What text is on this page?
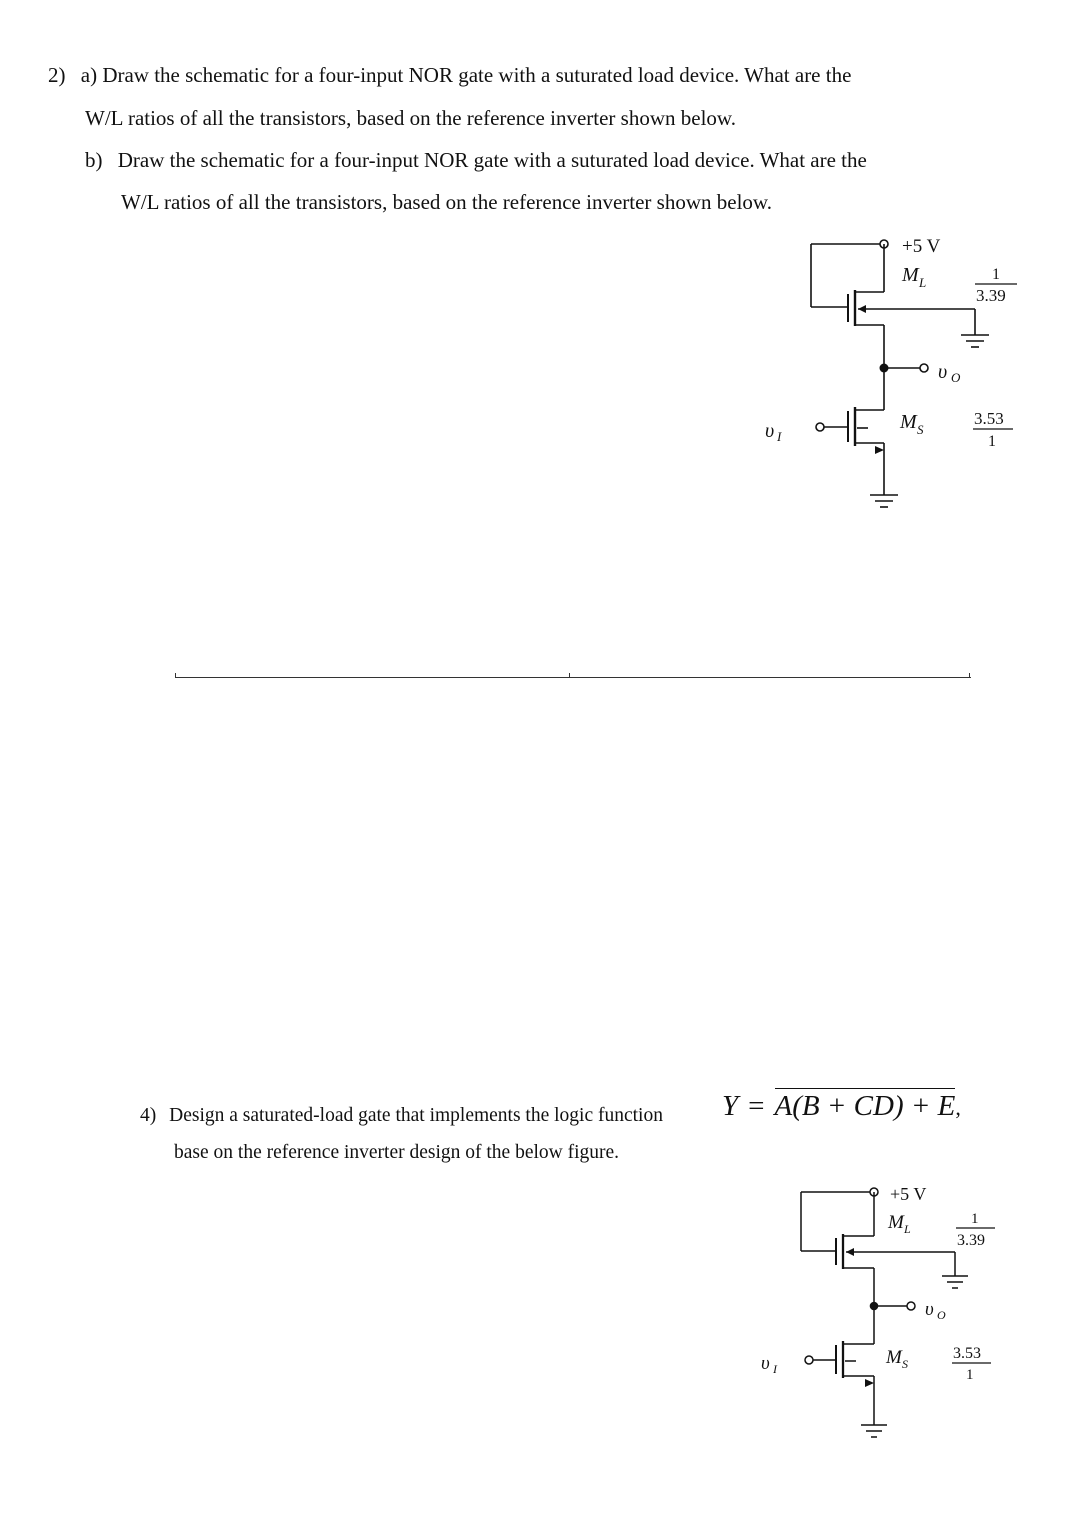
2) a) Draw the schematic for a four-input NOR gate with a suturated load device. What are the
W/L ratios of all the transistors, based on the reference inverter shown below.
b) Draw the schematic for a four-input NOR gate with a suturated load device. What are the
W/L ratios of all the transistors, based on the reference inverter shown below.
+5 V
M L	1
3.39
υ O
υ I
M S
3.53
1
4) Design a saturated-load gate that implements the logic function Y = A(B + CD) + E,
base on the reference inverter design of the below figure.
+5 V
M L
1
3.39
υ O
υ I
M S
3.53
1
